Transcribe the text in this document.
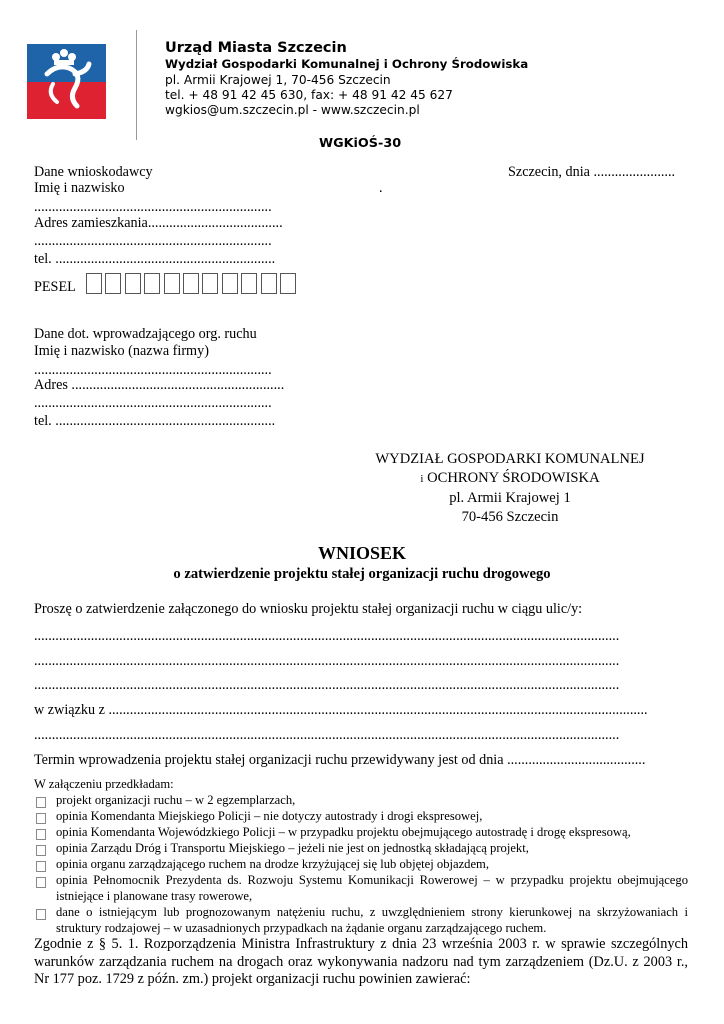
Urząd Miasta Szczecin
Wydział Gospodarki Komunalnej i Ochrony Środowiska
pl. Armii Krajowej 1, 70-456 Szczecin
tel. + 48 91 42 45 630, fax: + 48 91 42 45 627
wgkios@um.szczecin.pl - www.szczecin.pl
WGKiOŚ-30
Dane wnioskodawcy	Szczecin, dnia .......................
Imię i nazwisko	.
...................................................................
Adres zamieszkania......................................
...................................................................
tel. ..............................................................
PESEL
Dane dot. wprowadzającego org. ruchu
Imię i nazwisko (nazwa firmy)
...................................................................
Adres ............................................................
...................................................................
tel. ..............................................................
WYDZIAŁ GOSPODARKI KOMUNALNEJ
i OCHRONY ŚRODOWISKA
pl. Armii Krajowej 1
70-456 Szczecin
WNIOSEK
o zatwierdzenie projektu stałej organizacji ruchu drogowego
Proszę o zatwierdzenie załączonego do wniosku projektu stałej organizacji ruchu w ciągu ulic/y:
.....................................................................................................................................................................
.....................................................................................................................................................................
.....................................................................................................................................................................
w związku z ........................................................................................................................................................
.....................................................................................................................................................................
Termin wprowadzenia projektu stałej organizacji ruchu przewidywany jest od dnia .......................................
W załączeniu przedkładam:
projekt organizacji ruchu – w 2 egzemplarzach,
opinia Komendanta Miejskiego Policji – nie dotyczy autostrady i drogi ekspresowej,
opinia Komendanta Wojewódzkiego Policji – w przypadku projektu obejmującego autostradę i drogę ekspresową,
opinia Zarządu Dróg i Transportu Miejskiego – jeżeli nie jest on jednostką składającą projekt,
opinia organu zarządzającego ruchem na drodze krzyżującej się lub objętej objazdem,
opinia Pełnomocnik Prezydenta ds. Rozwoju Systemu Komunikacji Rowerowej – w przypadku projektu obejmującego istniejące i planowane trasy rowerowe,
dane o istniejącym lub prognozowanym natężeniu ruchu, z uwzględnieniem strony kierunkowej na skrzyżowaniach i struktury rodzajowej – w uzasadnionych przypadkach na żądanie organu zarządzającego ruchem.
Zgodnie z § 5. 1. Rozporządzenia Ministra Infrastruktury z dnia 23 września 2003 r. w sprawie szczególnych warunków zarządzania ruchem na drogach oraz wykonywania nadzoru nad tym zarządzeniem (Dz.U. z 2003 r., Nr 177 poz. 1729 z późn. zm.) projekt organizacji ruchu powinien zawierać:
